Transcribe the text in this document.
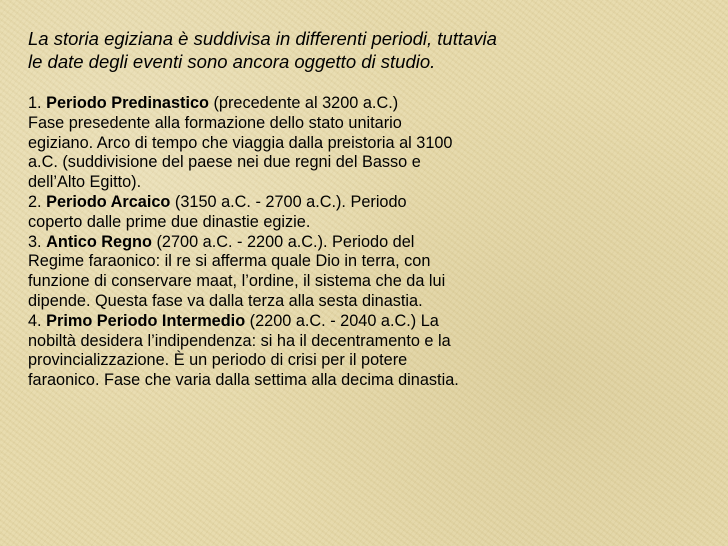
La storia egiziana è suddivisa in differenti periodi, tuttavia
le date degli eventi sono ancora oggetto di studio.

1. Periodo Predinastico (precedente al 3200 a.C.)
Fase presedente alla formazione dello stato unitario
egiziano. Arco di tempo che viaggia dalla preistoria al 3100
a.C. (suddivisione del paese nei due regni del Basso e
dell’Alto Egitto).
2. Periodo Arcaico (3150 a.C. - 2700 a.C.). Periodo
coperto dalle prime due dinastie egizie.
3. Antico Regno (2700 a.C. - 2200 a.C.). Periodo del
Regime faraonico: il re si afferma quale Dio in terra, con
funzione di conservare maat, l’ordine, il sistema che da lui
dipende. Questa fase va dalla terza alla sesta dinastia.
4. Primo Periodo Intermedio (2200 a.C. - 2040 a.C.) La
nobiltà desidera l’indipendenza: si ha il decentramento e la
provincializzazione. È un periodo di crisi per il potere
faraonico. Fase che varia dalla settima alla decima dinastia.
